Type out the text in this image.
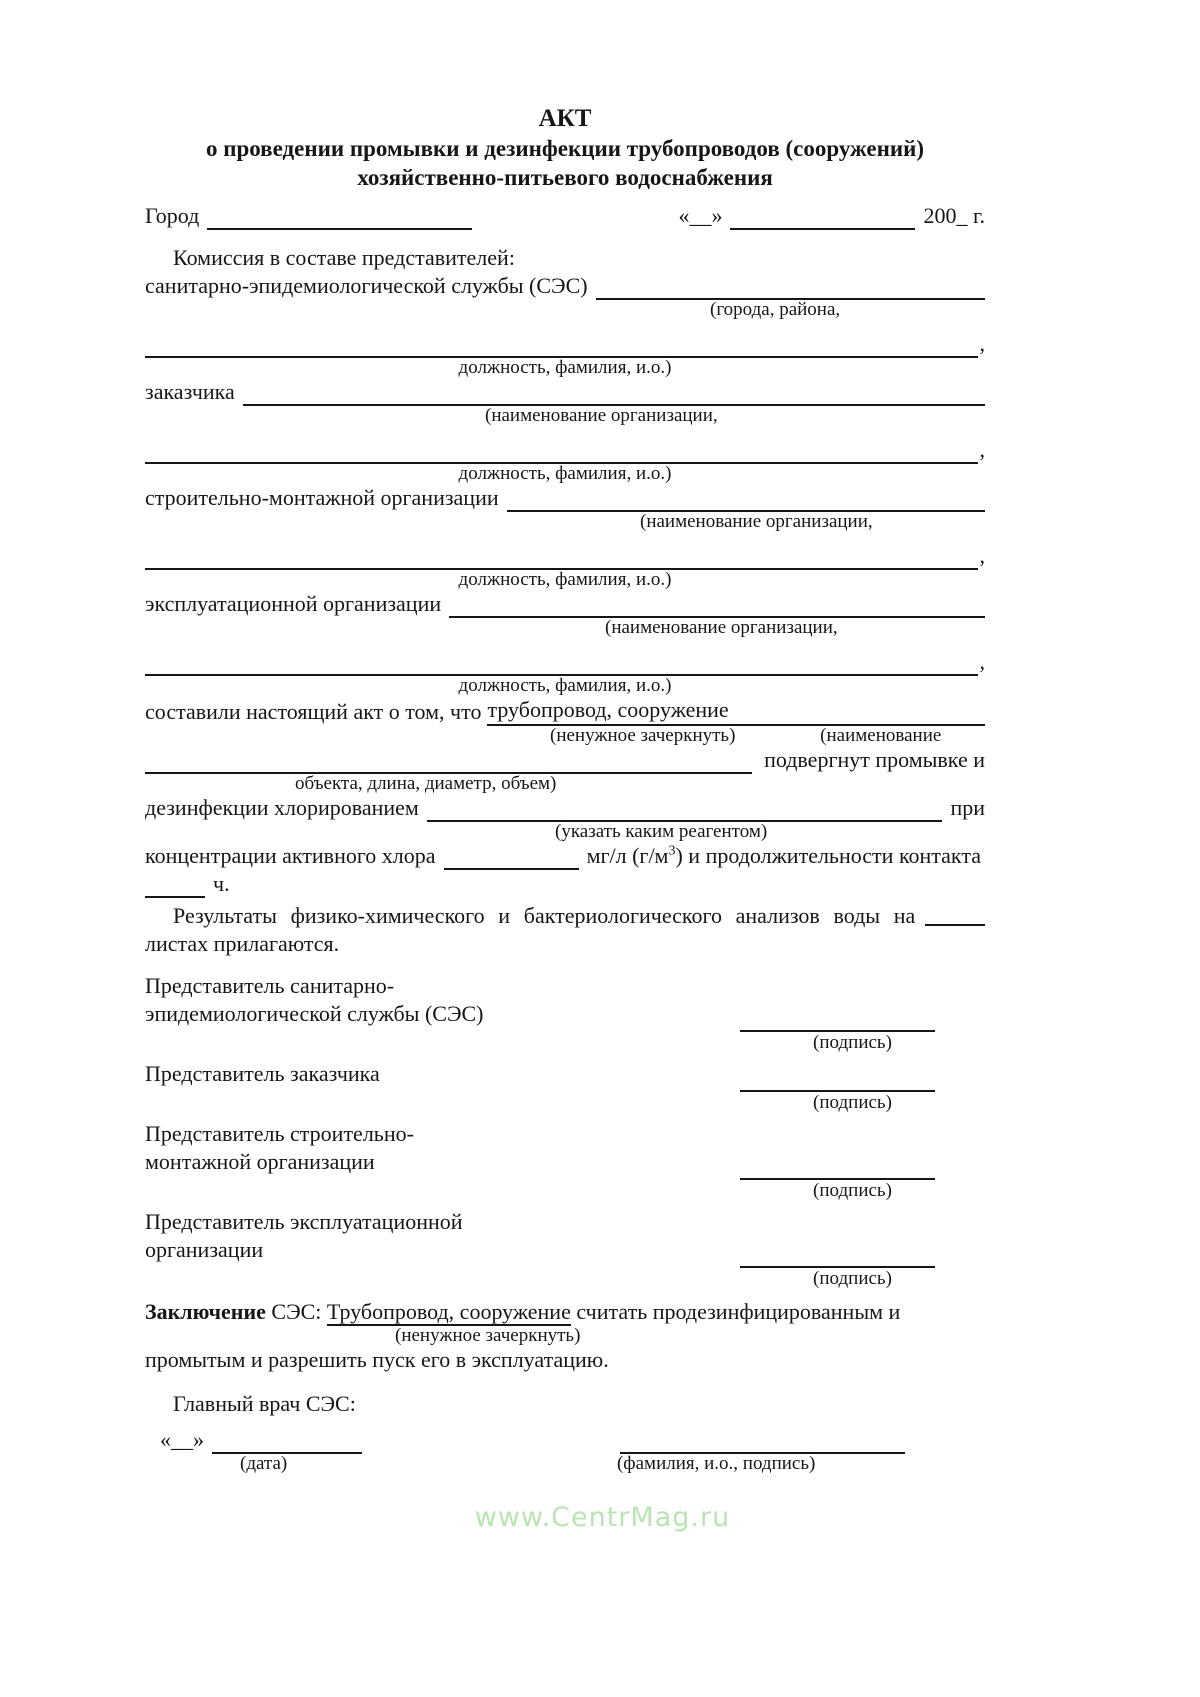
АКТ
о проведении промывки и дезинфекции трубопроводов (сооружений)
хозяйственно-питьевого водоснабжения
Город	«__»	200_ г.
Комиссия в составе представителей:
санитарно-эпидемиологической службы (СЭС)
(города, района,
,
должность, фамилия, и.о.)
заказчика
(наименование организации,
,
должность, фамилия, и.о.)
строительно-монтажной организации
(наименование организации,
,
должность, фамилия, и.о.)
эксплуатационной организации
(наименование организации,
,
должность, фамилия, и.о.)
составили настоящий акт о том, что трубопровод, сооружение
(ненужное зачеркнуть)	(наименование
подвергнут промывке и
объекта, длина, диаметр, объем)
дезинфекции хлорированием	при
(указать каким реагентом)
концентрации активного хлора	мг/л $(г/м^3)$ и продолжительности контакта
ч.
Результаты физико-химического и бактериологического анализов воды на
листах прилагаются.
Представитель санитарно-
эпидемиологической службы (СЭС)
(подпись)
Представитель заказчика
(подпись)
Представитель строительно-
монтажной организации
(подпись)
Представитель эксплуатационной
организации
(подпись)
Заключение СЭС: Трубопровод, сооружение считать продезинфицированным и
(ненужное зачеркнуть)
промытым и разрешить пуск его в эксплуатацию.
Главный врач СЭС:
«__»
(дата)	(фамилия, и.о., подпись)
www.CentrMag.ru
